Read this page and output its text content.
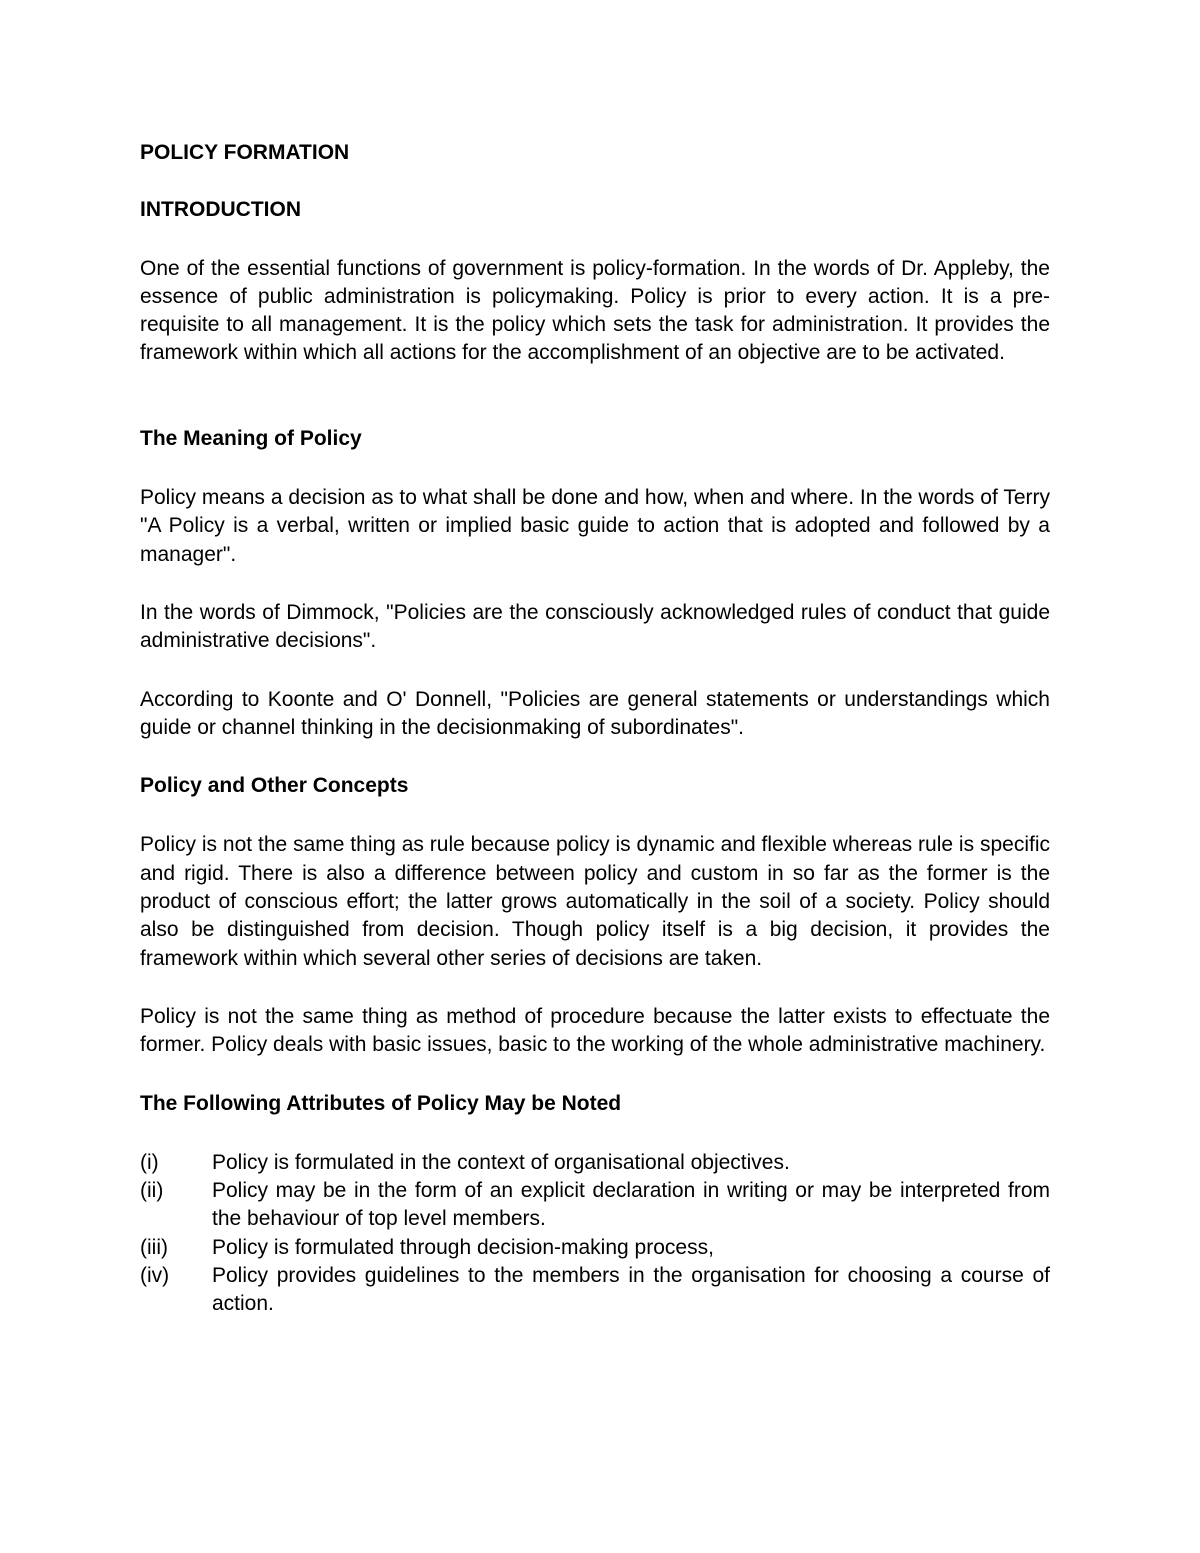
POLICY FORMATION
INTRODUCTION

One of the essential functions of government is policy-formation. In the words of Dr. Appleby, the essence of public administration is policymaking. Policy is prior to every action. It is a pre-requisite to all management. It is the policy which sets the task for administration. It provides the framework within which all actions for the accomplishment of an objective are to be activated.

The Meaning of Policy

Policy means a decision as to what shall be done and how, when and where. In the words of Terry "A Policy is a verbal, written or implied basic guide to action that is adopted and followed by a manager".

In the words of Dimmock, "Policies are the consciously acknowledged rules of conduct that guide administrative decisions".

According to Koonte and O' Donnell, "Policies are general statements or understandings which guide or channel thinking in the decisionmaking of subordinates".

Policy and Other Concepts

Policy is not the same thing as rule because policy is dynamic and flexible whereas rule is specific and rigid. There is also a difference between policy and custom in so far as the former is the product of conscious effort; the latter grows automatically in the soil of a society. Policy should also be distinguished from decision. Though policy itself is a big decision, it provides the framework within which several other series of decisions are taken.

Policy is not the same thing as method of procedure because the latter exists to effectuate the former. Policy deals with basic issues, basic to the working of the whole administrative machinery.

The Following Attributes of Policy May be Noted
(i)	Policy is formulated in the context of organisational objectives.
(ii)	Policy may be in the form of an explicit declaration in writing or may be interpreted from the behaviour of top level members.
(iii)	Policy is formulated through decision-making process,
(iv)	Policy provides guidelines to the members in the organisation for choosing a course of action.
